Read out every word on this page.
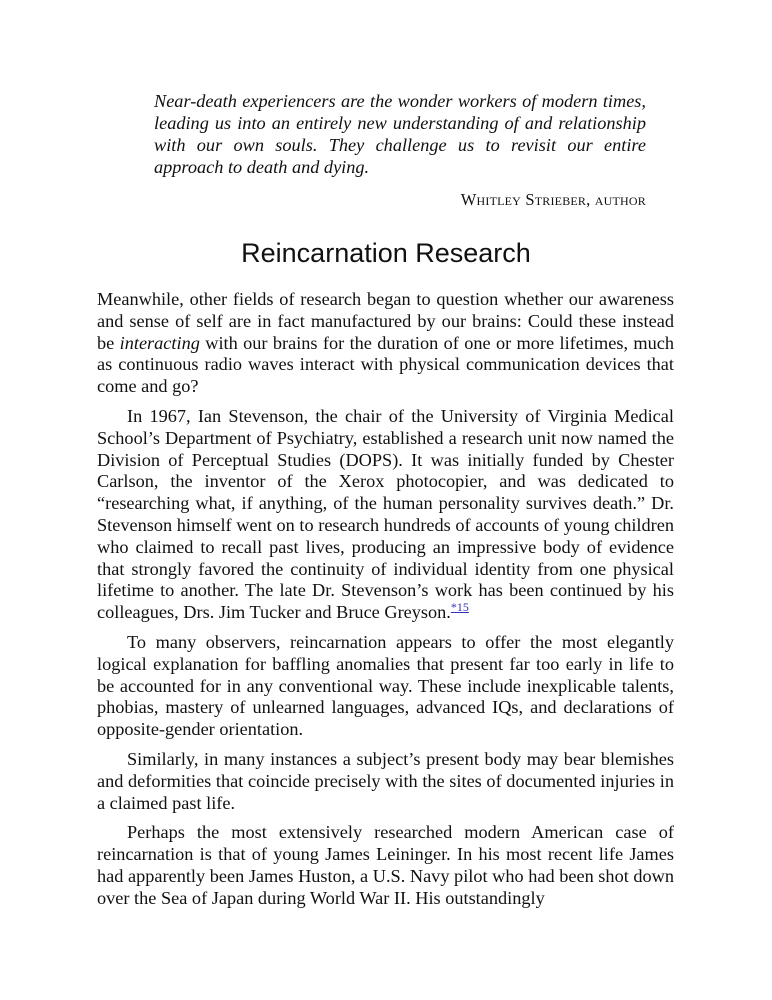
Near-death experiencers are the wonder workers of modern times, leading us into an entirely new understanding of and relationship with our own souls. They challenge us to revisit our entire approach to death and dying.
Whitley Strieber, author
Reincarnation Research

Meanwhile, other fields of research began to question whether our awareness and sense of self are in fact manufactured by our brains: Could these instead be interacting with our brains for the duration of one or more lifetimes, much as continuous radio waves interact with physical communication devices that come and go?

In 1967, Ian Stevenson, the chair of the University of Virginia Medical School’s Department of Psychiatry, established a research unit now named the Division of Perceptual Studies (DOPS). It was initially funded by Chester Carlson, the inventor of the Xerox photocopier, and was dedicated to “researching what, if anything, of the human personality survives death.” Dr. Stevenson himself went on to research hundreds of accounts of young children who claimed to recall past lives, producing an impressive body of evidence that strongly favored the continuity of individual identity from one physical lifetime to another. The late Dr. Stevenson’s work has been continued by his colleagues, Drs. Jim Tucker and Bruce Greyson.$^{*15}$

To many observers, reincarnation appears to offer the most elegantly logical explanation for baffling anomalies that present far too early in life to be accounted for in any conventional way. These include inexplicable talents, phobias, mastery of unlearned languages, advanced IQs, and declarations of opposite-gender orientation.

Similarly, in many instances a subject’s present body may bear blemishes and deformities that coincide precisely with the sites of documented injuries in a claimed past life.

Perhaps the most extensively researched modern American case of reincarnation is that of young James Leininger. In his most recent life James had apparently been James Huston, a U.S. Navy pilot who had been shot down over the Sea of Japan during World War II. His outstandingly
